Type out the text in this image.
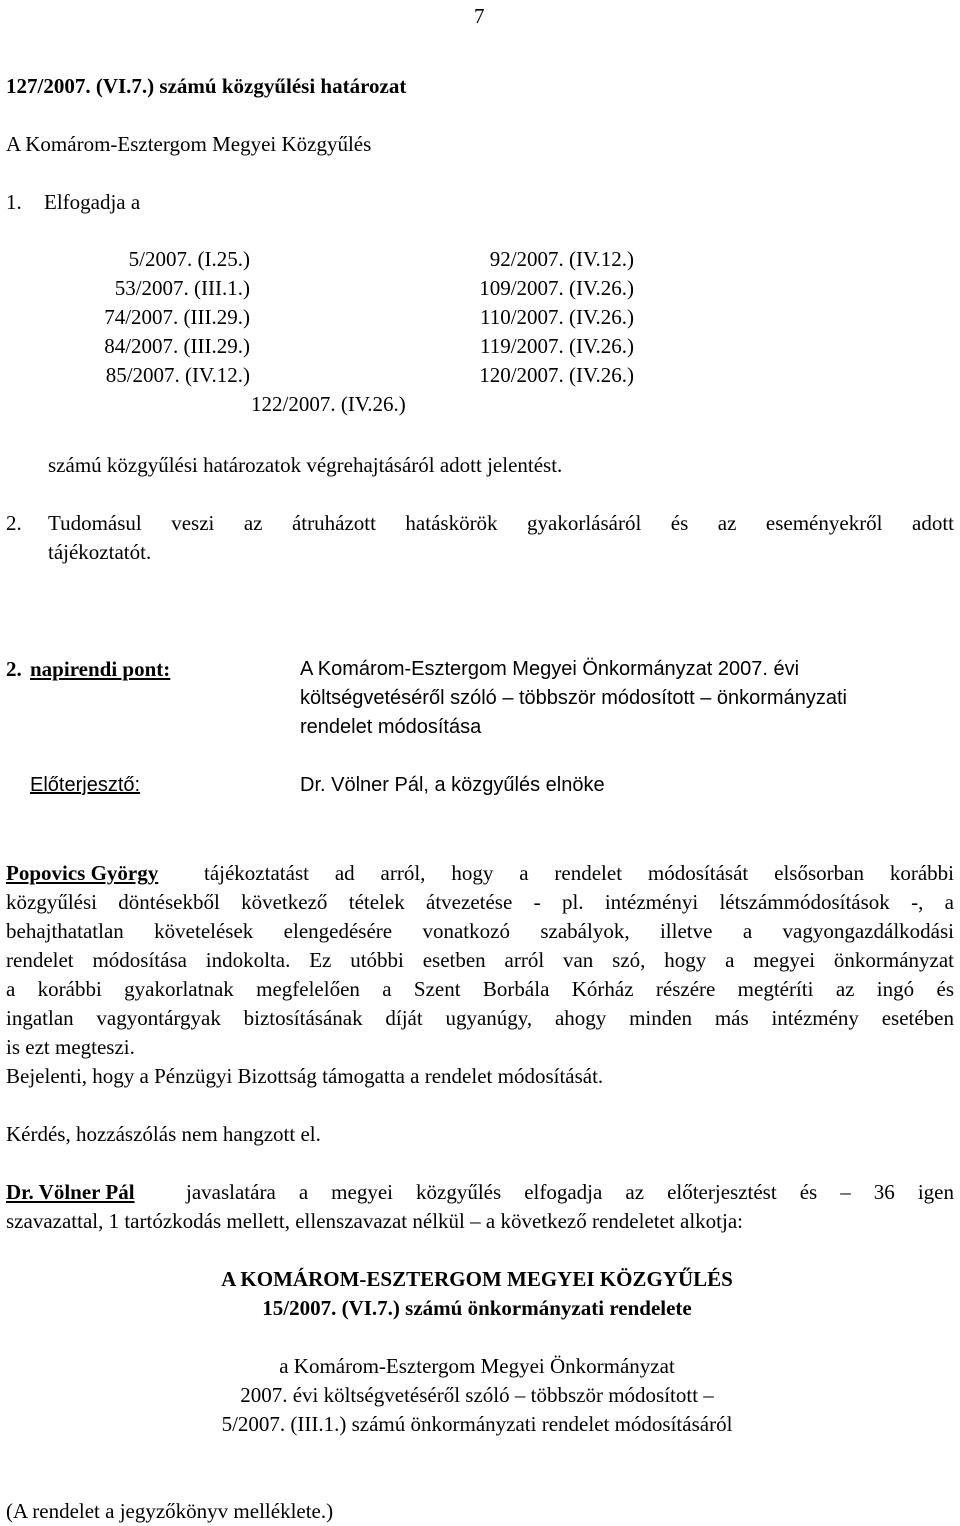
7
127/2007. (VI.7.) számú közgyűlési határozat
A Komárom-Esztergom Megyei Közgyűlés
1. Elfogadja a
5/2007. (I.25.)
53/2007. (III.1.)
74/2007. (III.29.)
84/2007. (III.29.)
85/2007. (IV.12.)
92/2007. (IV.12.)
109/2007. (IV.26.)
110/2007. (IV.26.)
119/2007. (IV.26.)
120/2007. (IV.26.)
122/2007. (IV.26.)
számú közgyűlési határozatok végrehajtásáról adott jelentést.
2. Tudomásul veszi az átruházott hatáskörök gyakorlásáról és az eseményekről adott
tájékoztatót.
2. napirendi pont:	A Komárom-Esztergom Megyei Önkormányzat 2007. évi
költségvetéséről szóló – többször módosított – önkormányzati
rendelet módosítása
Előterjesztő:	Dr. Völner Pál, a közgyűlés elnöke
Popovics György tájékoztatást ad arról, hogy a rendelet módosítását elsősorban korábbi
közgyűlési döntésekből következő tételek átvezetése - pl. intézményi létszámmódosítások -, a
behajthatatlan követelések elengedésére vonatkozó szabályok, illetve a vagyongazdálkodási
rendelet módosítása indokolta. Ez utóbbi esetben arról van szó, hogy a megyei önkormányzat
a korábbi gyakorlatnak megfelelően a Szent Borbála Kórház részére megtéríti az ingó és
ingatlan vagyontárgyak biztosításának díját ugyanúgy, ahogy minden más intézmény esetében
is ezt megteszi.
Bejelenti, hogy a Pénzügyi Bizottság támogatta a rendelet módosítását.
Kérdés, hozzászólás nem hangzott el.
Dr. Völner Pál javaslatára a megyei közgyűlés elfogadja az előterjesztést és – 36 igen
szavazattal, 1 tartózkodás mellett, ellenszavazat nélkül – a következő rendeletet alkotja:
A KOMÁROM-ESZTERGOM MEGYEI KÖZGYŰLÉS
15/2007. (VI.7.) számú önkormányzati rendelete
a Komárom-Esztergom Megyei Önkormányzat
2007. évi költségvetéséről szóló – többször módosított –
5/2007. (III.1.) számú önkormányzati rendelet módosításáról
(A rendelet a jegyzőkönyv melléklete.)
